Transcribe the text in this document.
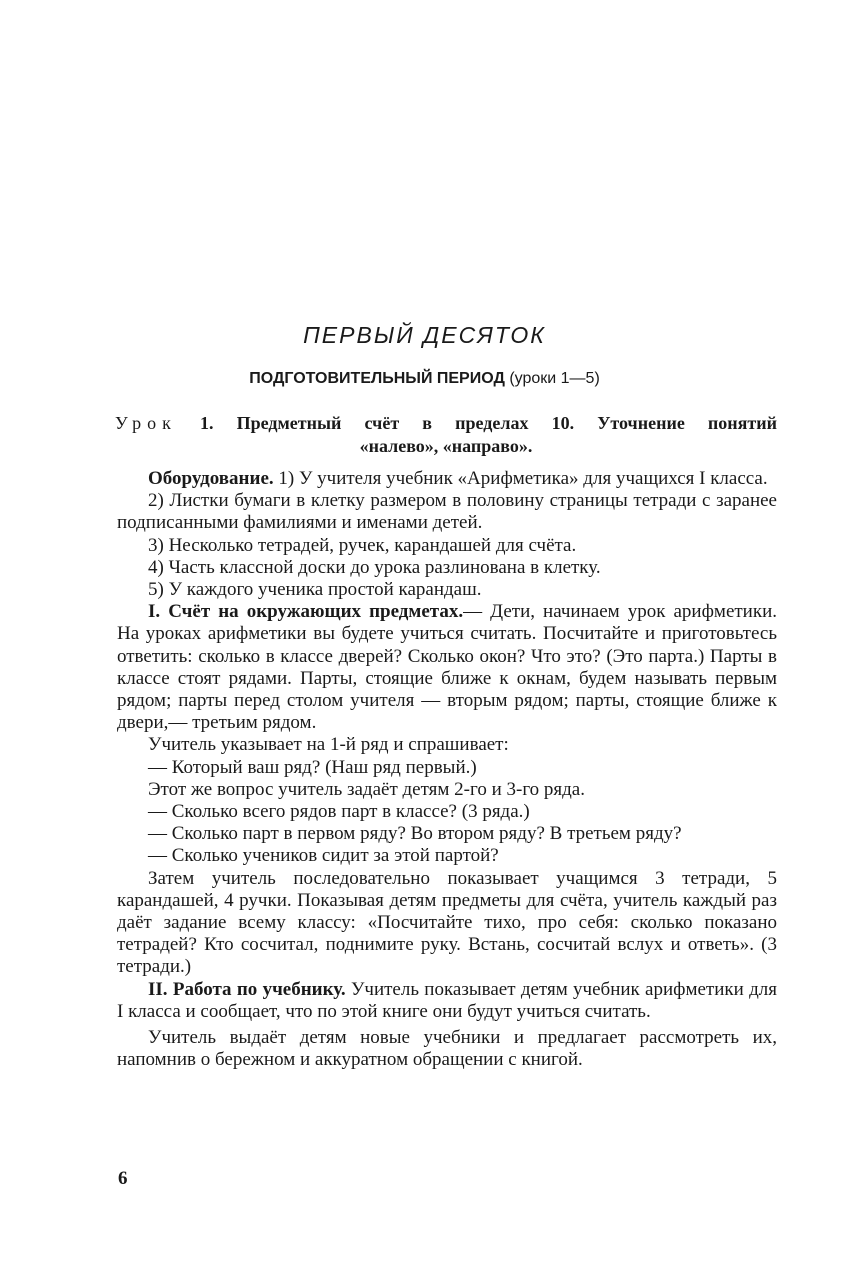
ПЕРВЫЙ ДЕСЯТОК
ПОДГОТОВИТЕЛЬНЫЙ ПЕРИОД (уроки 1—5)
Урок 1. Предметный счёт в пределах 10. Уточнение понятий
«налево», «направо».

Оборудование. 1) У учителя учебник «Арифметика» для учащихся I класса.

2) Листки бумаги в клетку размером в половину страницы тетради с заранее подписанными фамилиями и именами детей.

3) Несколько тетрадей, ручек, карандашей для счёта.

4) Часть классной доски до урока разлинована в клетку.

5) У каждого ученика простой карандаш.

I. Счёт на окружающих предметах.— Дети, начинаем урок арифметики. На уроках арифметики вы будете учиться считать. Посчитайте и приготовьтесь ответить: сколько в классе дверей? Сколько окон? Что это? (Это парта.) Парты в классе стоят рядами. Парты, стоящие ближе к окнам, будем называть первым рядом; парты перед столом учителя — вторым рядом; парты, стоящие ближе к двери,— третьим рядом.

Учитель указывает на 1-й ряд и спрашивает:

— Который ваш ряд? (Наш ряд первый.)

Этот же вопрос учитель задаёт детям 2-го и 3-го ряда.

— Сколько всего рядов парт в классе? (3 ряда.)

— Сколько парт в первом ряду? Во втором ряду? В третьем ряду?

— Сколько учеников сидит за этой партой?

Затем учитель последовательно показывает учащимся 3 тетради, 5 карандашей, 4 ручки. Показывая детям предметы для счёта, учитель каждый раз даёт задание всему классу: «Посчитайте тихо, про себя: сколько показано тетрадей? Кто сосчитал, поднимите руку. Встань, сосчитай вслух и ответь». (3 тетради.)

II. Работа по учебнику. Учитель показывает детям учебник арифметики для I класса и сообщает, что по этой книге они будут учиться считать.

Учитель выдаёт детям новые учебники и предлагает рассмотреть их, напомнив о бережном и аккуратном обращении с книгой.

6
